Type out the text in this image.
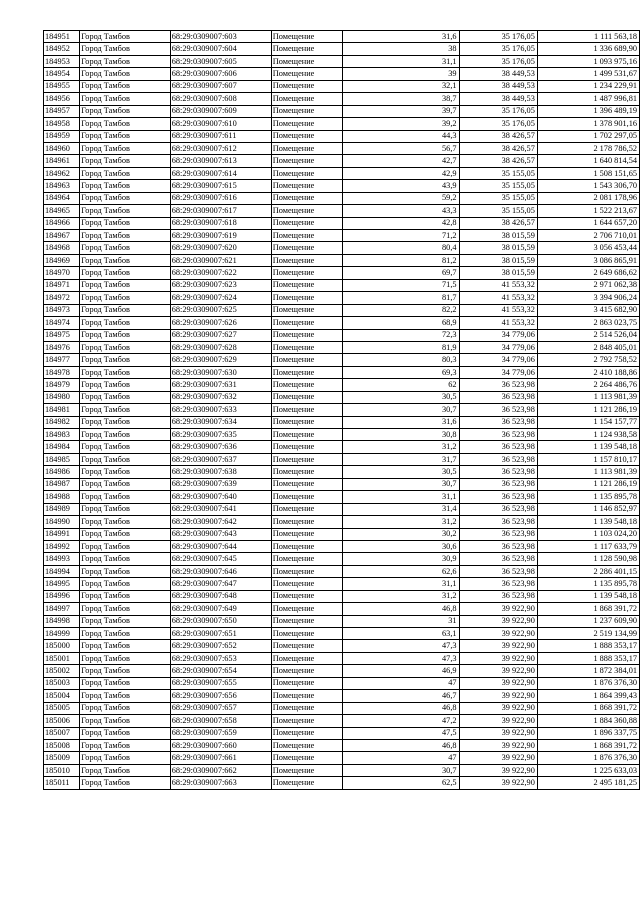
184951	Город Тамбов	68:29:0309007:603	Помещение	31,6	35 176,05	1 111 563,18
184952	Город Тамбов	68:29:0309007:604	Помещение	38	35 176,05	1 336 689,90
184953	Город Тамбов	68:29:0309007:605	Помещение	31,1	35 176,05	1 093 975,16
184954	Город Тамбов	68:29:0309007:606	Помещение	39	38 449,53	1 499 531,67
184955	Город Тамбов	68:29:0309007:607	Помещение	32,1	38 449,53	1 234 229,91
184956	Город Тамбов	68:29:0309007:608	Помещение	38,7	38 449,53	1 487 996,81
184957	Город Тамбов	68:29:0309007:609	Помещение	39,7	35 176,05	1 396 489,19
184958	Город Тамбов	68:29:0309007:610	Помещение	39,2	35 176,05	1 378 901,16
184959	Город Тамбов	68:29:0309007:611	Помещение	44,3	38 426,57	1 702 297,05
184960	Город Тамбов	68:29:0309007:612	Помещение	56,7	38 426,57	2 178 786,52
184961	Город Тамбов	68:29:0309007:613	Помещение	42,7	38 426,57	1 640 814,54
184962	Город Тамбов	68:29:0309007:614	Помещение	42,9	35 155,05	1 508 151,65
184963	Город Тамбов	68:29:0309007:615	Помещение	43,9	35 155,05	1 543 306,70
184964	Город Тамбов	68:29:0309007:616	Помещение	59,2	35 155,05	2 081 178,96
184965	Город Тамбов	68:29:0309007:617	Помещение	43,3	35 155,05	1 522 213,67
184966	Город Тамбов	68:29:0309007:618	Помещение	42,8	38 426,57	1 644 657,20
184967	Город Тамбов	68:29:0309007:619	Помещение	71,2	38 015,59	2 706 710,01
184968	Город Тамбов	68:29:0309007:620	Помещение	80,4	38 015,59	3 056 453,44
184969	Город Тамбов	68:29:0309007:621	Помещение	81,2	38 015,59	3 086 865,91
184970	Город Тамбов	68:29:0309007:622	Помещение	69,7	38 015,59	2 649 686,62
184971	Город Тамбов	68:29:0309007:623	Помещение	71,5	41 553,32	2 971 062,38
184972	Город Тамбов	68:29:0309007:624	Помещение	81,7	41 553,32	3 394 906,24
184973	Город Тамбов	68:29:0309007:625	Помещение	82,2	41 553,32	3 415 682,90
184974	Город Тамбов	68:29:0309007:626	Помещение	68,9	41 553,32	2 863 023,75
184975	Город Тамбов	68:29:0309007:627	Помещение	72,3	34 779,06	2 514 526,04
184976	Город Тамбов	68:29:0309007:628	Помещение	81,9	34 779,06	2 848 405,01
184977	Город Тамбов	68:29:0309007:629	Помещение	80,3	34 779,06	2 792 758,52
184978	Город Тамбов	68:29:0309007:630	Помещение	69,3	34 779,06	2 410 188,86
184979	Город Тамбов	68:29:0309007:631	Помещение	62	36 523,98	2 264 486,76
184980	Город Тамбов	68:29:0309007:632	Помещение	30,5	36 523,98	1 113 981,39
184981	Город Тамбов	68:29:0309007:633	Помещение	30,7	36 523,98	1 121 286,19
184982	Город Тамбов	68:29:0309007:634	Помещение	31,6	36 523,98	1 154 157,77
184983	Город Тамбов	68:29:0309007:635	Помещение	30,8	36 523,98	1 124 938,58
184984	Город Тамбов	68:29:0309007:636	Помещение	31,2	36 523,98	1 139 548,18
184985	Город Тамбов	68:29:0309007:637	Помещение	31,7	36 523,98	1 157 810,17
184986	Город Тамбов	68:29:0309007:638	Помещение	30,5	36 523,98	1 113 981,39
184987	Город Тамбов	68:29:0309007:639	Помещение	30,7	36 523,98	1 121 286,19
184988	Город Тамбов	68:29:0309007:640	Помещение	31,1	36 523,98	1 135 895,78
184989	Город Тамбов	68:29:0309007:641	Помещение	31,4	36 523,98	1 146 852,97
184990	Город Тамбов	68:29:0309007:642	Помещение	31,2	36 523,98	1 139 548,18
184991	Город Тамбов	68:29:0309007:643	Помещение	30,2	36 523,98	1 103 024,20
184992	Город Тамбов	68:29:0309007:644	Помещение	30,6	36 523,98	1 117 633,79
184993	Город Тамбов	68:29:0309007:645	Помещение	30,9	36 523,98	1 128 590,98
184994	Город Тамбов	68:29:0309007:646	Помещение	62,6	36 523,98	2 286 401,15
184995	Город Тамбов	68:29:0309007:647	Помещение	31,1	36 523,98	1 135 895,78
184996	Город Тамбов	68:29:0309007:648	Помещение	31,2	36 523,98	1 139 548,18
184997	Город Тамбов	68:29:0309007:649	Помещение	46,8	39 922,90	1 868 391,72
184998	Город Тамбов	68:29:0309007:650	Помещение	31	39 922,90	1 237 609,90
184999	Город Тамбов	68:29:0309007:651	Помещение	63,1	39 922,90	2 519 134,99
185000	Город Тамбов	68:29:0309007:652	Помещение	47,3	39 922,90	1 888 353,17
185001	Город Тамбов	68:29:0309007:653	Помещение	47,3	39 922,90	1 888 353,17
185002	Город Тамбов	68:29:0309007:654	Помещение	46,9	39 922,90	1 872 384,01
185003	Город Тамбов	68:29:0309007:655	Помещение	47	39 922,90	1 876 376,30
185004	Город Тамбов	68:29:0309007:656	Помещение	46,7	39 922,90	1 864 399,43
185005	Город Тамбов	68:29:0309007:657	Помещение	46,8	39 922,90	1 868 391,72
185006	Город Тамбов	68:29:0309007:658	Помещение	47,2	39 922,90	1 884 360,88
185007	Город Тамбов	68:29:0309007:659	Помещение	47,5	39 922,90	1 896 337,75
185008	Город Тамбов	68:29:0309007:660	Помещение	46,8	39 922,90	1 868 391,72
185009	Город Тамбов	68:29:0309007:661	Помещение	47	39 922,90	1 876 376,30
185010	Город Тамбов	68:29:0309007:662	Помещение	30,7	39 922,90	1 225 633,03
185011	Город Тамбов	68:29:0309007:663	Помещение	62,5	39 922,90	2 495 181,25
